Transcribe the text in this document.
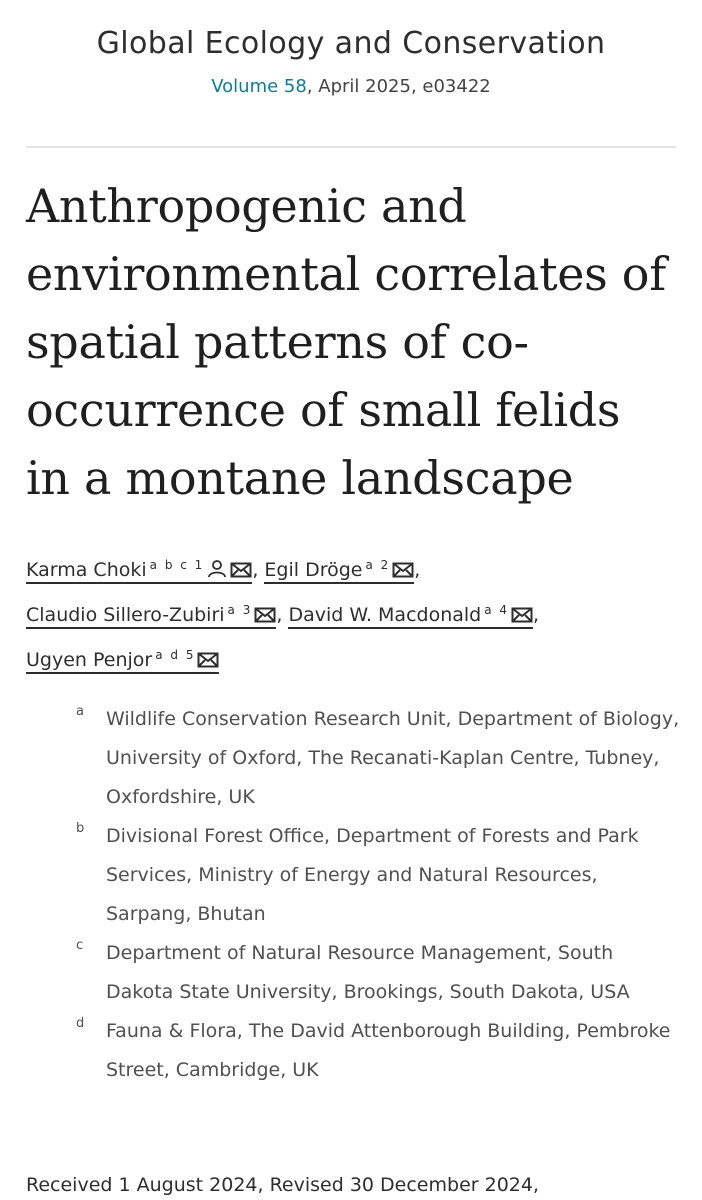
Global Ecology and Conservation
Volume 58, April 2025, e03422
Anthropogenic and environmental correlates of spatial patterns of co-occurrence of small felids in a montane landscape
Karma Choki $^{a b c 1}$	, Egil Dröge $^{a 2}$ ,
Claudio Sillero-Zubiri $^{a 3}$ , David W. Macdonald $^{a 4}$ ,
Ugyen Penjor $^{a d 5}$
a Wildlife Conservation Research Unit, Department of Biology, University of Oxford, The Recanati-Kaplan Centre, Tubney, Oxfordshire, UK
b Divisional Forest Office, Department of Forests and Park Services, Ministry of Energy and Natural Resources, Sarpang, Bhutan
c Department of Natural Resource Management, South Dakota State University, Brookings, South Dakota, USA
d Fauna & Flora, The David Attenborough Building, Pembroke Street, Cambridge, UK
Received 1 August 2024, Revised 30 December 2024,
